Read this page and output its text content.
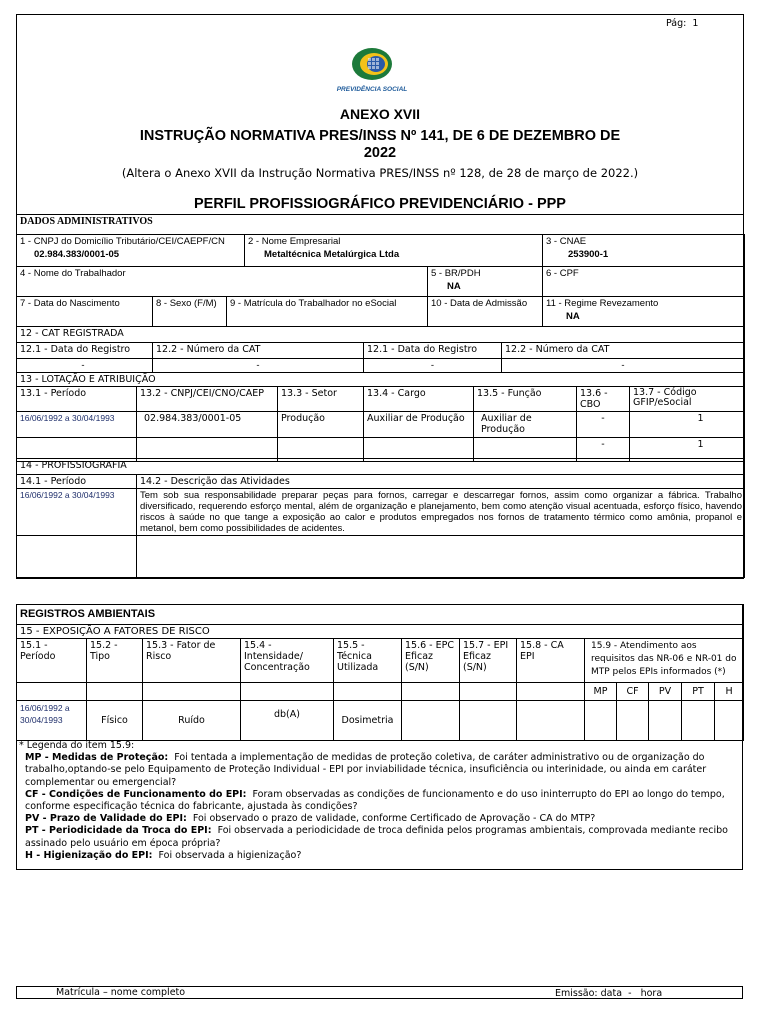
Pág: 1
PREVIDÊNCIA SOCIAL
ANEXO XVII
INSTRUÇÃO NORMATIVA PRES/INSS Nº 141, DE 6 DE DEZEMBRO DE
2022
(Altera o Anexo XVII da Instrução Normativa PRES/INSS nº 128, de 28 de março de 2022.)
PERFIL PROFISSIOGRÁFICO PREVIDENCIÁRIO - PPP
DADOS ADMINISTRATIVOS
1 - CNPJ do Domicílio Tributário/CEI/CAEPF/CN
02.984.383/0001-05

2 - Nome Empresarial
Metaltécnica Metalúrgica Ltda

3 - CNAE
253900-1
4 - Nome do Trabalhador	5 - BR/PDH
NA

6 - CPF
7 - Data do Nascimento	8 - Sexo (F/M)	9 - Matrícula do Trabalhador no eSocial	10 - Data de Admissão	11 - Regime Revezamento
NA
12 - CAT REGISTRADA			
12.1 - Data do Registro	12.2 - Número da CAT	12.1 - Data do Registro	12.2 - Número da CAT
-	-	-	-
13 - LOTAÇÃO E ATRIBUIÇÃO						
13.1 - Período	13.2 - CNPJ/CEI/CNO/CAEP	13.3 - Setor	13.4 - Cargo	13.5 - Função	13.6 - CBO	13.7 - Código GFIP/eSocial
16/06/1992 a 30/04/1993	02.984.383/0001-05	Produção	Auxiliar de Produção	Auxiliar de Produção	-	1
					-	1
14 - PROFISSIOGRAFIA	
14.1 - Período	14.2 - Descrição das Atividades
16/06/1992 a 30/04/1993	Tem sob sua responsabilidade preparar peças para fornos, carregar e descarregar fornos, assim como organizar a fábrica. Trabalho diversificado, requerendo esforço mental, além de organização e planejamento, bem como atenção visual acentuada, esforço físico, havendo riscos à saúde no que tange a exposição ao calor e produtos empregados nos fornos de tratamento térmico como amônia, propanol e metanol, bem como possibilidades de acidentes.

REGISTROS AMBIENTAIS												
15 - EXPOSIÇÃO A FATORES DE RISCO												
15.1 - Período	15.2 - Tipo	15.3 - Fator de Risco	15.4 - Intensidade/ Concentração	15.5 - Técnica Utilizada	15.6 - EPC Eficaz (S/N)	15.7 - EPI Eficaz (S/N)	15.8 - CA EPI	15.9 - Atendimento aos requisitos das NR-06 e NR-01 do MTP pelos EPIs informados (*)				

								MP	CF	PV	PT	H
16/06/1992 a 30/04/1993	Físico	Ruído	db(A)	Dosimetria								
* Legenda do item 15.9:
MP - Medidas de Proteção: Foi tentada a implementação de medidas de proteção coletiva, de caráter administrativo ou de organização do trabalho,optando-se pelo Equipamento de Proteção Individual - EPI por inviabilidade técnica, insuficiência ou interinidade, ou ainda em caráter complementar ou emergencial?
CF - Condições de Funcionamento do EPI: Foram observadas as condições de funcionamento e do uso ininterrupto do EPI ao longo do tempo, conforme especificação técnica do fabricante, ajustada às condições?
PV - Prazo de Validade do EPI: Foi observado o prazo de validade, conforme Certificado de Aprovação - CA do MTP?
PT - Periodicidade da Troca do EPI: Foi observada a periodicidade de troca definida pelos programas ambientais, comprovada mediante recibo assinado pelo usuário em época própria?
H - Higienização do EPI: Foi observada a higienização?
Matrícula – nome completo	Emissão: data  -   hora
